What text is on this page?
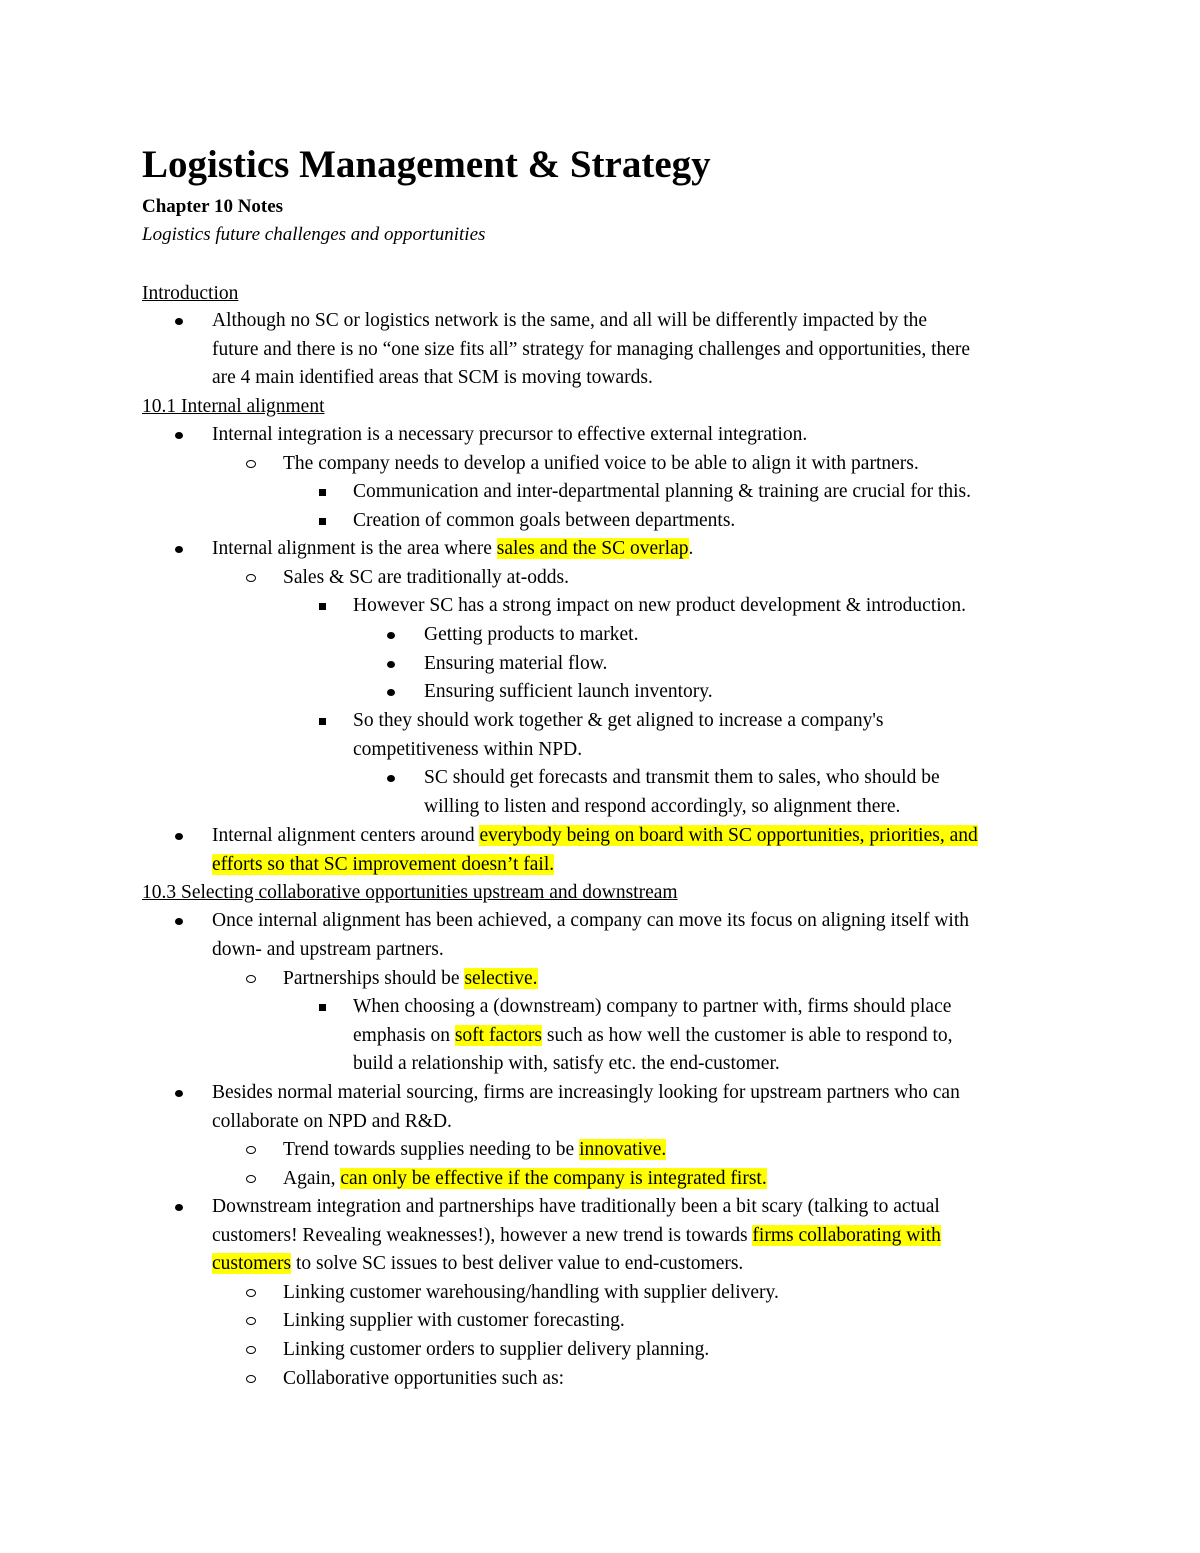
Logistics Management & Strategy
Chapter 10 Notes
Logistics future challenges and opportunities
Introduction
Although no SC or logistics network is the same, and all will be differently impacted by the
future and there is no “one size fits all” strategy for managing challenges and opportunities, there
are 4 main identified areas that SCM is moving towards.
10.1 Internal alignment
Internal integration is a necessary precursor to effective external integration.
The company needs to develop a unified voice to be able to align it with partners.
Communication and inter-departmental planning & training are crucial for this.
Creation of common goals between departments.
Internal alignment is the area where sales and the SC overlap.
Sales & SC are traditionally at-odds.
However SC has a strong impact on new product development & introduction.
Getting products to market.
Ensuring material flow.
Ensuring sufficient launch inventory.
So they should work together & get aligned to increase a company's
competitiveness within NPD.
SC should get forecasts and transmit them to sales, who should be
willing to listen and respond accordingly, so alignment there.
Internal alignment centers around everybody being on board with SC opportunities, priorities, and
efforts so that SC improvement doesn’t fail.
10.3 Selecting collaborative opportunities upstream and downstream
Once internal alignment has been achieved, a company can move its focus on aligning itself with
down- and upstream partners.
Partnerships should be selective.
When choosing a (downstream) company to partner with, firms should place
emphasis on soft factors such as how well the customer is able to respond to,
build a relationship with, satisfy etc. the end-customer.
Besides normal material sourcing, firms are increasingly looking for upstream partners who can
collaborate on NPD and R&D.
Trend towards supplies needing to be innovative.
Again, can only be effective if the company is integrated first.
Downstream integration and partnerships have traditionally been a bit scary (talking to actual
customers! Revealing weaknesses!), however a new trend is towards firms collaborating with
customers to solve SC issues to best deliver value to end-customers.
Linking customer warehousing/handling with supplier delivery.
Linking supplier with customer forecasting.
Linking customer orders to supplier delivery planning.
Collaborative opportunities such as:
